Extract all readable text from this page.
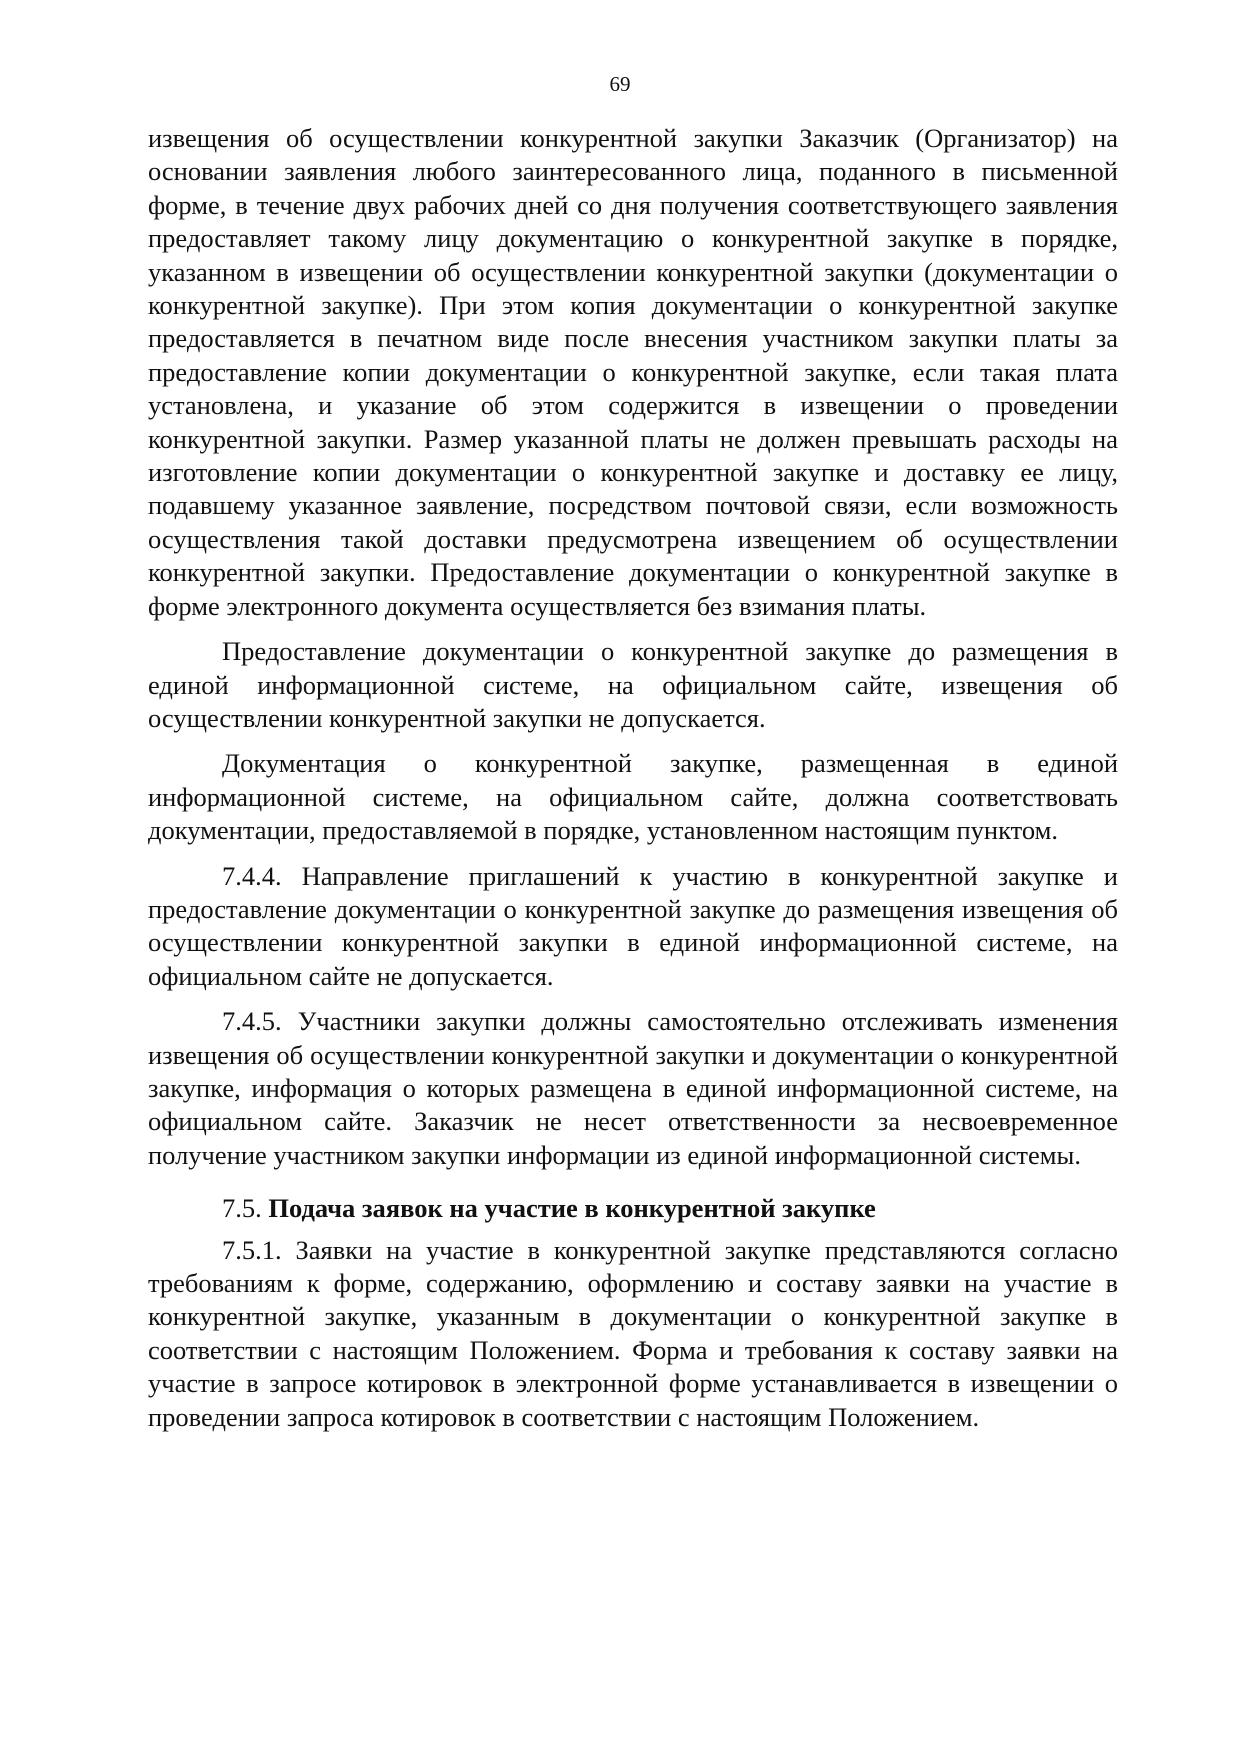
69

извещения об осуществлении конкурентной закупки Заказчик (Организатор) на основании заявления любого заинтересованного лица, поданного в письменной форме, в течение двух рабочих дней со дня получения соответствующего заявления предоставляет такому лицу документацию о конкурентной закупке в порядке, указанном в извещении об осуществлении конкурентной закупки (документации о конкурентной закупке). При этом копия документации о конкурентной закупке предоставляется в печатном виде после внесения участником закупки платы за предоставление копии документации о конкурентной закупке, если такая плата установлена, и указание об этом содержится в извещении о проведении конкурентной закупки. Размер указанной платы не должен превышать расходы на изготовление копии документации о конкурентной закупке и доставку ее лицу, подавшему указанное заявление, посредством почтовой связи, если возможность осуществления такой доставки предусмотрена извещением об осуществлении конкурентной закупки. Предоставление документации о конкурентной закупке в форме электронного документа осуществляется без взимания платы.

Предоставление документации о конкурентной закупке до размещения в единой информационной системе, на официальном сайте, извещения об осуществлении конкурентной закупки не допускается.

Документация о конкурентной закупке, размещенная в единой информационной системе, на официальном сайте, должна соответствовать документации, предоставляемой в порядке, установленном настоящим пунктом.

7.4.4. Направление приглашений к участию в конкурентной закупке и предоставление документации о конкурентной закупке до размещения извещения об осуществлении конкурентной закупки в единой информационной системе, на официальном сайте не допускается.

7.4.5. Участники закупки должны самостоятельно отслеживать изменения извещения об осуществлении конкурентной закупки и документации о конкурентной закупке, информация о которых размещена в единой информационной системе, на официальном сайте. Заказчик не несет ответственности за несвоевременное получение участником закупки информации из единой информационной системы.

7.5. Подача заявок на участие в конкурентной закупке

7.5.1. Заявки на участие в конкурентной закупке представляются согласно требованиям к форме, содержанию, оформлению и составу заявки на участие в конкурентной закупке, указанным в документации о конкурентной закупке в соответствии с настоящим Положением. Форма и требования к составу заявки на участие в запросе котировок в электронной форме устанавливается в извещении о проведении запроса котировок в соответствии с настоящим Положением.
